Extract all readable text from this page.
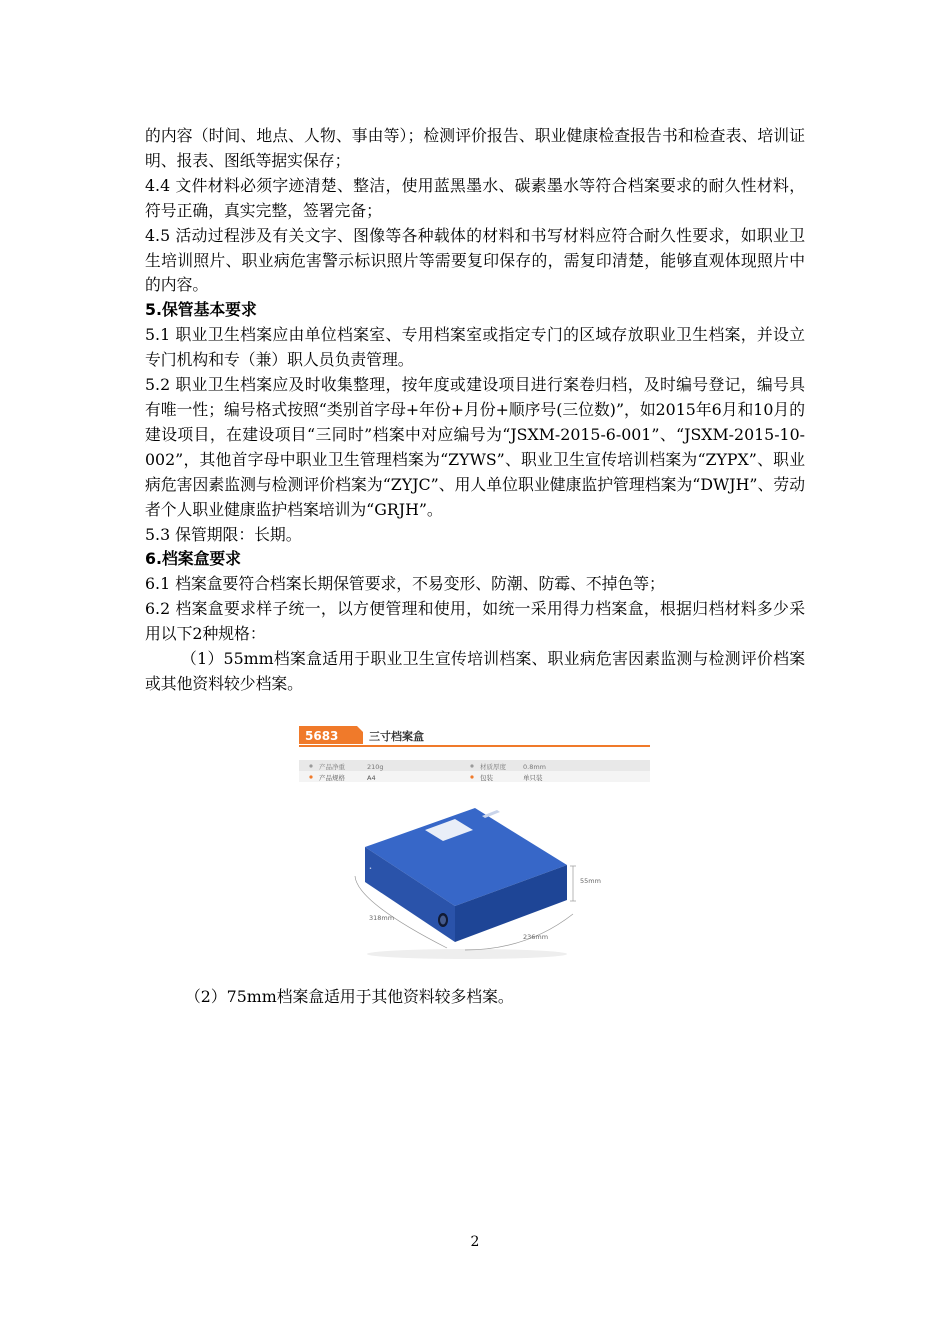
的内容（时间、地点、人物、事由等）；检测评价报告、职业健康检查报告书和检查表、培训证明、报表、图纸等据实保存；

4.4 文件材料必须字迹清楚、整洁，使用蓝黑墨水、碳素墨水等符合档案要求的耐久性材料，符号正确，真实完整，签署完备；

4.5 活动过程涉及有关文字、图像等各种载体的材料和书写材料应符合耐久性要求，如职业卫生培训照片、职业病危害警示标识照片等需要复印保存的，需复印清楚，能够直观体现照片中的内容。

5.保管基本要求

5.1 职业卫生档案应由单位档案室、专用档案室或指定专门的区域存放职业卫生档案，并设立专门机构和专（兼）职人员负责管理。

5.2 职业卫生档案应及时收集整理，按年度或建设项目进行案卷归档，及时编号登记，编号具有唯一性；编号格式按照“类别首字母+年份+月份+顺序号(三位数)”，如2015年6月和10月的建设项目，在建设项目“三同时”档案中对应编号为“JSXM-2015-6-001”、“JSXM-2015-10-002”，其他首字母中职业卫生管理档案为“ZYWS”、职业卫生宣传培训档案为“ZYPX”、职业病危害因素监测与检测评价档案为“ZYJC”、用人单位职业健康监护管理档案为“DWJH”、劳动者个人职业健康监护档案培训为“GRJH”。

5.3 保管期限：长期。

6.档案盒要求

6.1 档案盒要符合档案长期保管要求，不易变形、防潮、防霉、不掉色等；

6.2 档案盒要求样子统一，以方便管理和使用，如统一采用得力档案盒，根据归档材料多少采用以下2种规格：

（1）55mm档案盒适用于职业卫生宣传培训档案、职业病危害因素监测与检测评价档案或其他资料较少档案。

5683	三寸档案盒
产品净重	210g	材质厚度	0.8mm
产品规格	A4	包装	单只装
•
55mm
318mm
236mm
（2）75mm档案盒适用于其他资料较多档案。
2
